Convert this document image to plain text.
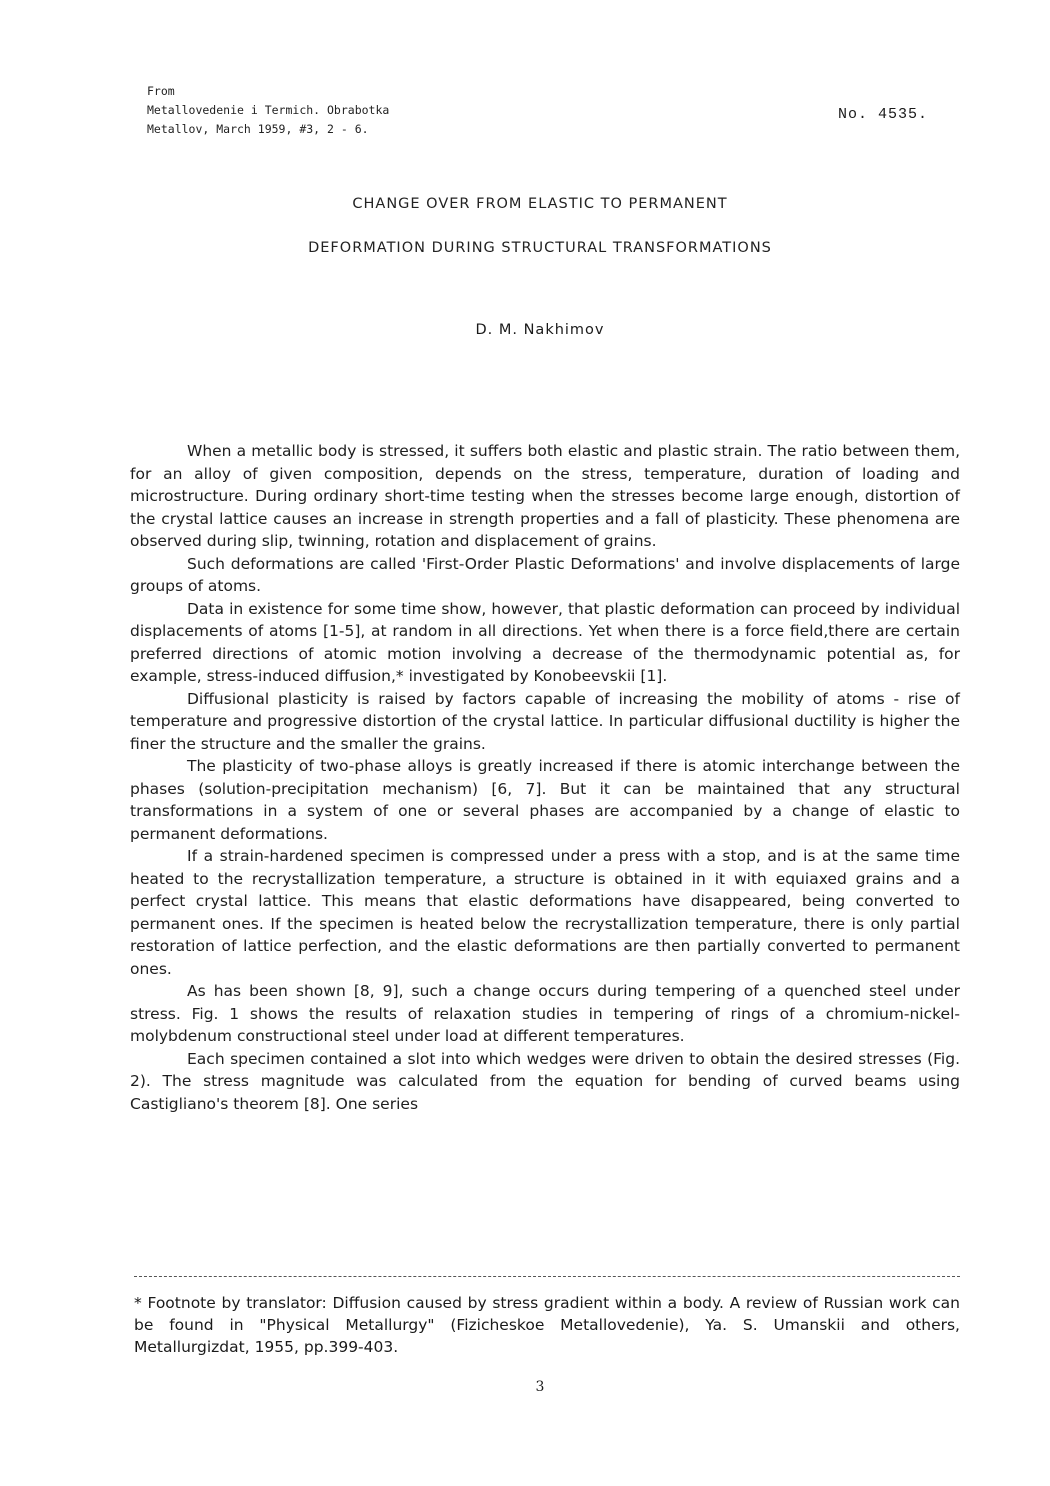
From
Metallovedenie i Termich. Obrabotka
Metallov, March 1959, #3, 2 - 6.
No. 4535.
CHANGE OVER FROM ELASTIC TO PERMANENT
DEFORMATION DURING STRUCTURAL TRANSFORMATIONS
D. M. Nakhimov

When a metallic body is stressed, it suffers both elastic and plastic strain. The ratio between them, for an alloy of given composition, depends on the stress, temperature, duration of loading and microstructure. During ordinary short-time testing when the stresses become large enough, distortion of the crystal lattice causes an increase in strength properties and a fall of plasticity. These phenomena are observed during slip, twinning, rotation and displacement of grains.

Such deformations are called 'First-Order Plastic Deformations' and involve displacements of large groups of atoms.

Data in existence for some time show, however, that plastic deformation can proceed by individual displacements of atoms [1-5], at random in all directions. Yet when there is a force field,there are certain preferred directions of atomic motion involving a decrease of the thermodynamic potential as, for example, stress-induced diffusion,* investigated by Konobeevskii [1].

Diffusional plasticity is raised by factors capable of increasing the mobility of atoms - rise of temperature and progressive distortion of the crystal lattice. In particular diffusional ductility is higher the finer the structure and the smaller the grains.

The plasticity of two-phase alloys is greatly increased if there is atomic interchange between the phases (solution-precipitation mechanism) [6, 7]. But it can be maintained that any structural transformations in a system of one or several phases are accompanied by a change of elastic to permanent deformations.

If a strain-hardened specimen is compressed under a press with a stop, and is at the same time heated to the recrystallization temperature, a structure is obtained in it with equiaxed grains and a perfect crystal lattice. This means that elastic deformations have disappeared, being converted to permanent ones. If the specimen is heated below the recrystallization temperature, there is only partial restoration of lattice perfection, and the elastic deformations are then partially converted to permanent ones.

As has been shown [8, 9], such a change occurs during tempering of a quenched steel under stress. Fig. 1 shows the results of relaxation studies in tempering of rings of a chromium-nickel-molybdenum constructional steel under load at different temperatures.

Each specimen contained a slot into which wedges were driven to obtain the desired stresses (Fig. 2). The stress magnitude was calculated from the equation for bending of curved beams using Castigliano's theorem [8]. One series

* Footnote by translator: Diffusion caused by stress gradient within a body. A review of Russian work can be found in "Physical Metallurgy" (Fizicheskoe Metallovedenie), Ya. S. Umanskii and others, Metallurgizdat, 1955, pp.399-403.
3
